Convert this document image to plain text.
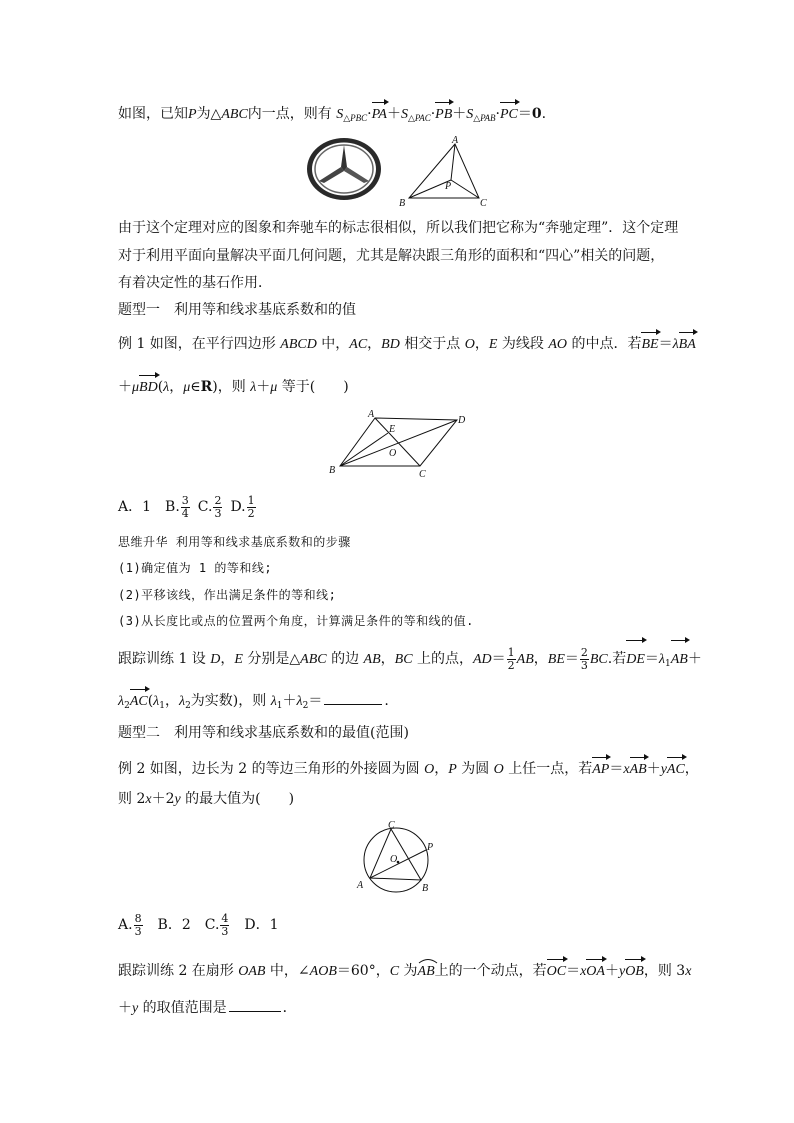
如图，已知P为△ABC内一点，则有 $S_{\triangle PBC}\cdot PA+S_{\triangle PAC}\cdot PB+S_{\triangle PAB}\cdot PC=0$.
A
B	C
P
由于这个定理对应的图象和奔驰车的标志很相似，所以我们把它称为“奔驰定理”．这个定理
对于利用平面向量解决平面几何问题，尤其是解决跟三角形的面积和“四心”相关的问题，
有着决定性的基石作用．
题型一　利用等和线求基底系数和的值
例 1 如图，在平行四边形 ABCD 中，AC，BD 相交于点 O，E 为线段 AO 的中点．若BE＝λBA
＋μBD(λ，μ∈R)，则 λ＋μ 等于(　　)
A
B	C
D
E
O
A．1  B. $\frac{3}{4}$
  C. $\frac{2}{3}$
  D. $\frac{1}{2}$
思维升华 利用等和线求基底系数和的步骤
(1)确定值为 1 的等和线;
(2)平移该线，作出满足条件的等和线;
(3)从长度比或点的位置两个角度，计算满足条件的等和线的值.
跟踪训练 1 设 D，E 分别是△ABC 的边 AB，BC 上的点，$AD= \frac{1}{2}$ AB，$BE= \frac{2}{3}$ BC.若$DE=\lambda_1AB+$
$\lambda_2AC(\lambda_1$，$\lambda_2$为实数)，则 $\lambda_1+\lambda_2=$	.
题型二　利用等和线求基底系数和的最值(范围)
例 2 如图，边长为 2 的等边三角形的外接圆为圆 O，P 为圆 O 上任一点，若AP＝xAB＋yAC，
则 2x＋2y 的最大值为(　　)
C
A	B
O
P
A. $\frac{8}{3}$ 　B．2　C. $\frac{4}{3}$ 　D．1
跟踪训练 2 在扇形 OAB 中，∠AOB＝60°，C 为AB
上的一个动点，若OC＝xOA＋yOB，则 3x
＋y 的取值范围是	．
